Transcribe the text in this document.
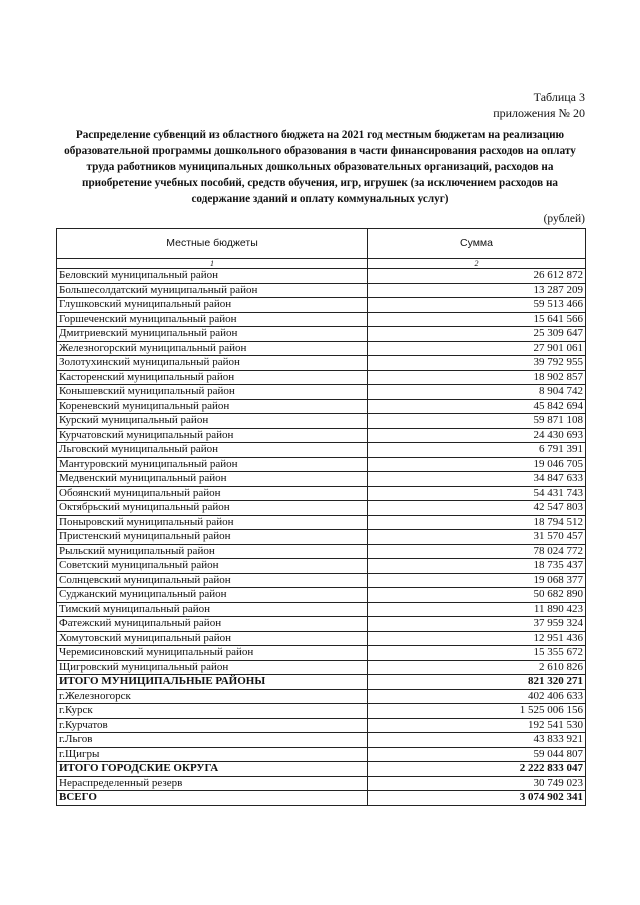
Таблица 3
приложения № 20
Распределение субвенций из областного бюджета на 2021 год местным бюджетам на реализацию образовательной программы дошкольного образования в части финансирования расходов на оплату труда работников муниципальных дошкольных образовательных организаций, расходов на приобретение учебных пособий, средств обучения, игр, игрушек (за исключением расходов на содержание зданий и оплату коммунальных услуг)
(рублей)
Местные бюджеты	Сумма
1	2
Беловский муниципальный район	26 612 872
Большесолдатский муниципальный район	13 287 209
Глушковский муниципальный район	59 513 466
Горшеченский муниципальный район	15 641 566
Дмитриевский муниципальный район	25 309 647
Железногорский муниципальный район	27 901 061
Золотухинский муниципальный район	39 792 955
Касторенский муниципальный район	18 902 857
Конышевский муниципальный район	8 904 742
Кореневский муниципальный район	45 842 694
Курский муниципальный район	59 871 108
Курчатовский муниципальный район	24 430 693
Льговский муниципальный район	6 791 391
Мантуровский муниципальный район	19 046 705
Медвенский муниципальный район	34 847 633
Обоянский муниципальный район	54 431 743
Октябрьский муниципальный район	42 547 803
Поныровский муниципальный район	18 794 512
Пристенский муниципальный район	31 570 457
Рыльский муниципальный район	78 024 772
Советский муниципальный район	18 735 437
Солнцевский муниципальный район	19 068 377
Суджанский муниципальный район	50 682 890
Тимский муниципальный район	11 890 423
Фатежский муниципальный район	37 959 324
Хомутовский муниципальный район	12 951 436
Черемисиновский муниципальный район	15 355 672
Щигровский муниципальный район	2 610 826
ИТОГО МУНИЦИПАЛЬНЫЕ РАЙОНЫ	821 320 271
г.Железногорск	402 406 633
г.Курск	1 525 006 156
г.Курчатов	192 541 530
г.Льгов	43 833 921
г.Щигры	59 044 807
ИТОГО ГОРОДСКИЕ ОКРУГА	2 222 833 047
Нераспределенный резерв	30 749 023
ВСЕГО	3 074 902 341
